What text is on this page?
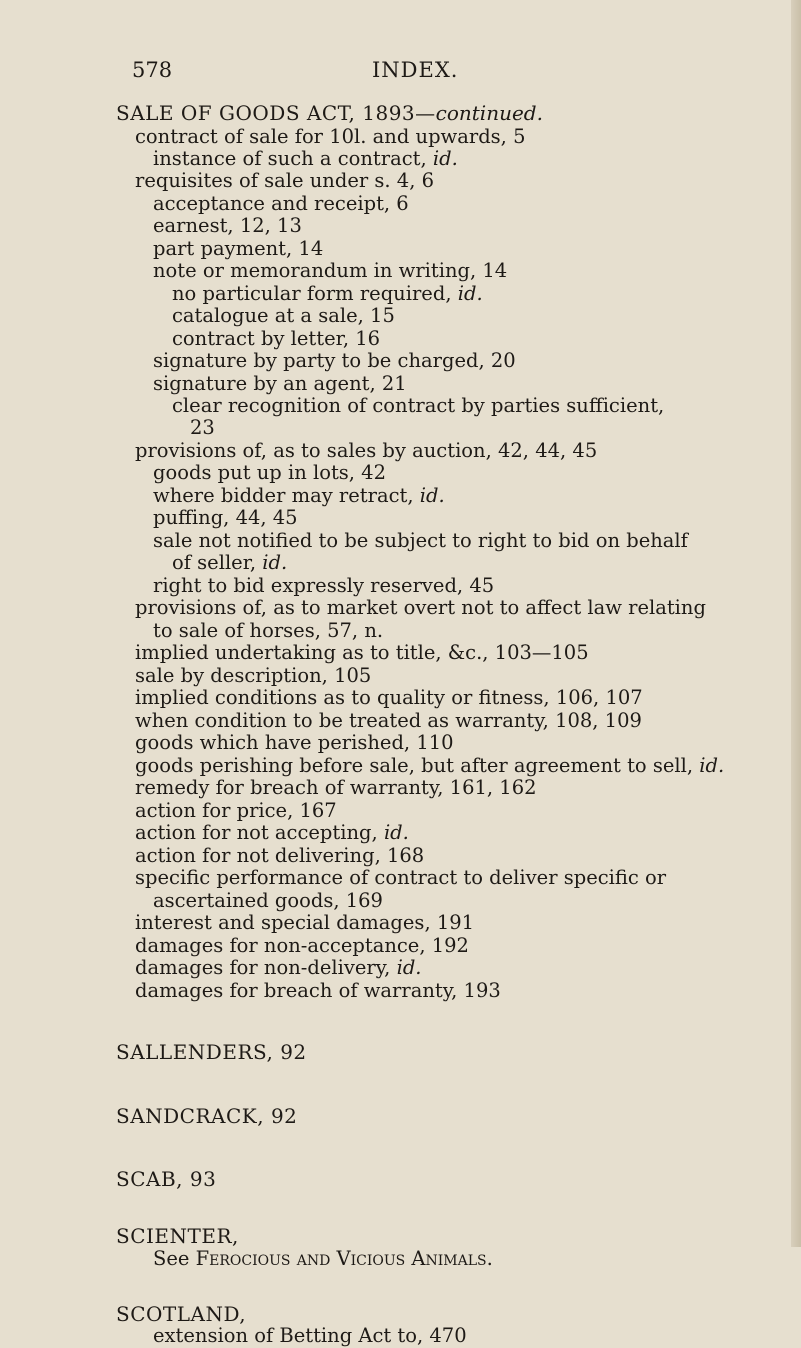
578	INDEX.
SALE OF GOODS ACT, 1893—continued.
contract of sale for 10l. and upwards, 5
instance of such a contract, id.
requisites of sale under s. 4, 6
acceptance and receipt, 6
earnest, 12, 13
part payment, 14
note or memorandum in writing, 14
no particular form required, id.
catalogue at a sale, 15
contract by letter, 16
signature by party to be charged, 20
signature by an agent, 21
clear recognition of contract by parties sufficient,
23
provisions of, as to sales by auction, 42, 44, 45
goods put up in lots, 42
where bidder may retract, id.
puffing, 44, 45
sale not notified to be subject to right to bid on behalf
of seller, id.
right to bid expressly reserved, 45
provisions of, as to market overt not to affect law relating
to sale of horses, 57, n.
implied undertaking as to title, &c., 103—105
sale by description, 105
implied conditions as to quality or fitness, 106, 107
when condition to be treated as warranty, 108, 109
goods which have perished, 110
goods perishing before sale, but after agreement to sell, id.
remedy for breach of warranty, 161, 162
action for price, 167
action for not accepting, id.
action for not delivering, 168
specific performance of contract to deliver specific or
ascertained goods, 169
interest and special damages, 191
damages for non-acceptance, 192
damages for non-delivery, id.
damages for breach of warranty, 193
SALLENDERS, 92
SANDCRACK, 92
SCAB, 93
SCIENTER,
See Ferocious and Vicious Animals.
SCOTLAND,
extension of Betting Act to, 470
